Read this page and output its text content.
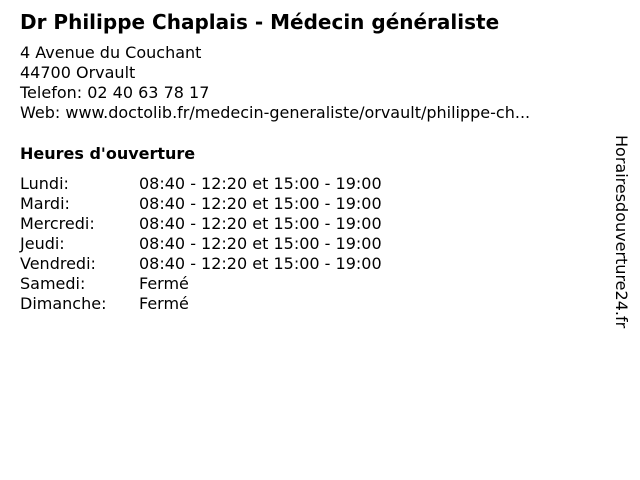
Dr Philippe Chaplais - Médecin généraliste
4 Avenue du Couchant
44700 Orvault
Telefon: 02 40 63 78 17
Web: www.doctolib.fr/medecin-generaliste/orvault/philippe-ch...
Heures d'ouverture
Lundi:	08:40 - 12:20 et 15:00 - 19:00
Mardi:	08:40 - 12:20 et 15:00 - 19:00
Mercredi:	08:40 - 12:20 et 15:00 - 19:00
Jeudi:	08:40 - 12:20 et 15:00 - 19:00
Vendredi:	08:40 - 12:20 et 15:00 - 19:00
Samedi:	Fermé
Dimanche: Fermé	Horairesdouverture24.fr
